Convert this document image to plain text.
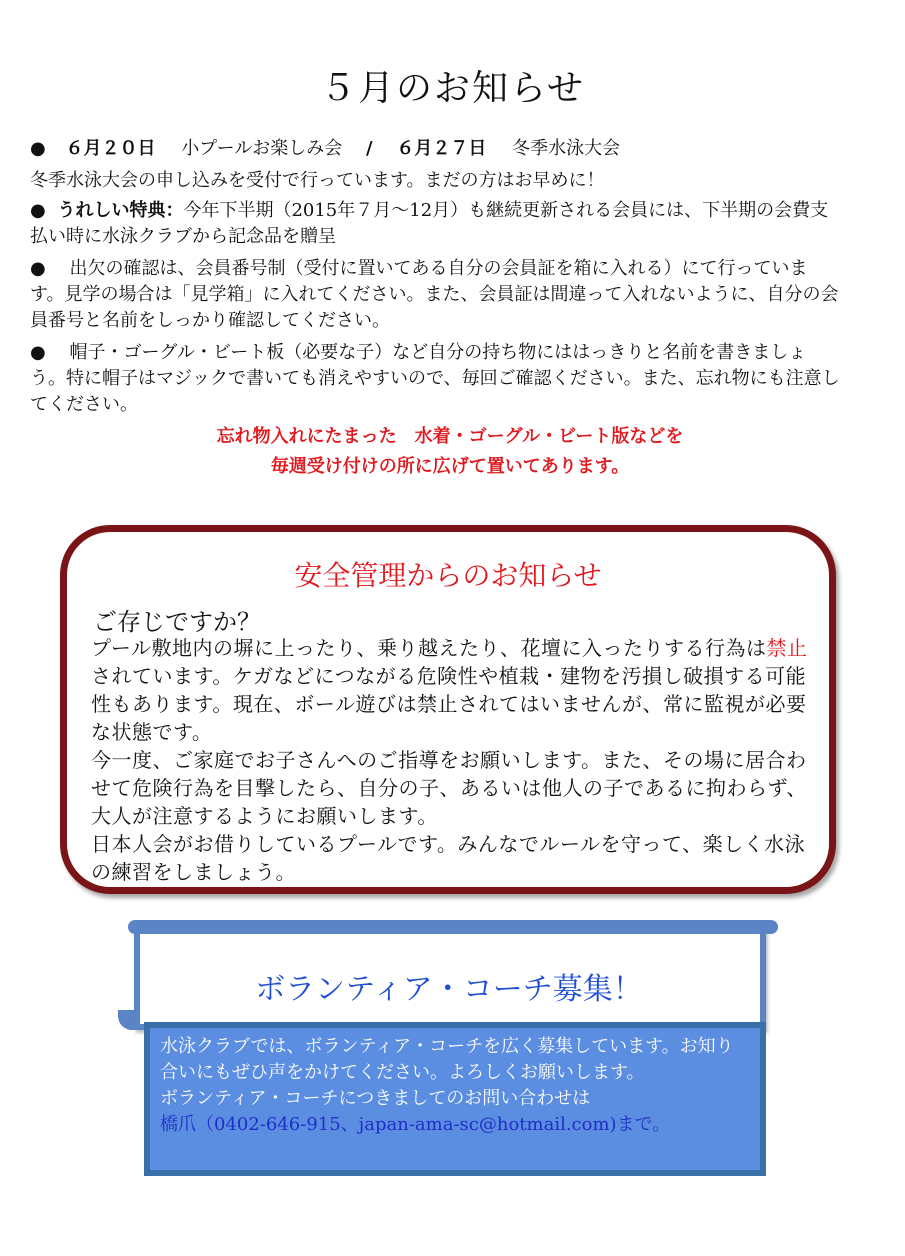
５月のお知らせ
● ６月２０日 小プールお楽しみ会 / ６月２７日 冬季水泳大会
冬季水泳大会の申し込みを受付で行っています。まだの方はお早めに！
● うれしい特典：今年下半期（2015年７月～12月）も継続更新される会員には、下半期の会費支払い時に水泳クラブから記念品を贈呈
● 出欠の確認は、会員番号制（受付に置いてある自分の会員証を箱に入れる）にて行っています。見学の場合は「見学箱」に入れてください。また、会員証は間違って入れないように、自分の会員番号と名前をしっかり確認してください。
● 帽子・ゴーグル・ビート板（必要な子）など自分の持ち物にははっきりと名前を書きましょう。特に帽子はマジックで書いても消えやすいので、毎回ご確認ください。また、忘れ物にも注意してください。
忘れ物入れにたまった　水着・ゴーグル・ビート版などを
毎週受け付けの所に広げて置いてあります。
安全管理からのお知らせ
ご存じですか？
プール敷地内の塀に上ったり、乗り越えたり、花壇に入ったりする行為は禁止されています。ケガなどにつながる危険性や植栽・建物を汚損し破損する可能性もあります。現在、ボール遊びは禁止されてはいませんが、常に監視が必要な状態です。
今一度、ご家庭でお子さんへのご指導をお願いします。また、その場に居合わせて危険行為を目撃したら、自分の子、あるいは他人の子であるに拘わらず、大人が注意するようにお願いします。
日本人会がお借りしているプールです。みんなでルールを守って、楽しく水泳の練習をしましょう。
ボランティア・コーチ募集！
水泳クラブでは、ボランティア・コーチを広く募集しています。お知り合いにもぜひ声をかけてください。よろしくお願いします。
ボランティア・コーチにつきましてのお問い合わせは
橋爪（0402-646-915、japan-ama-sc@hotmail.com)まで。
